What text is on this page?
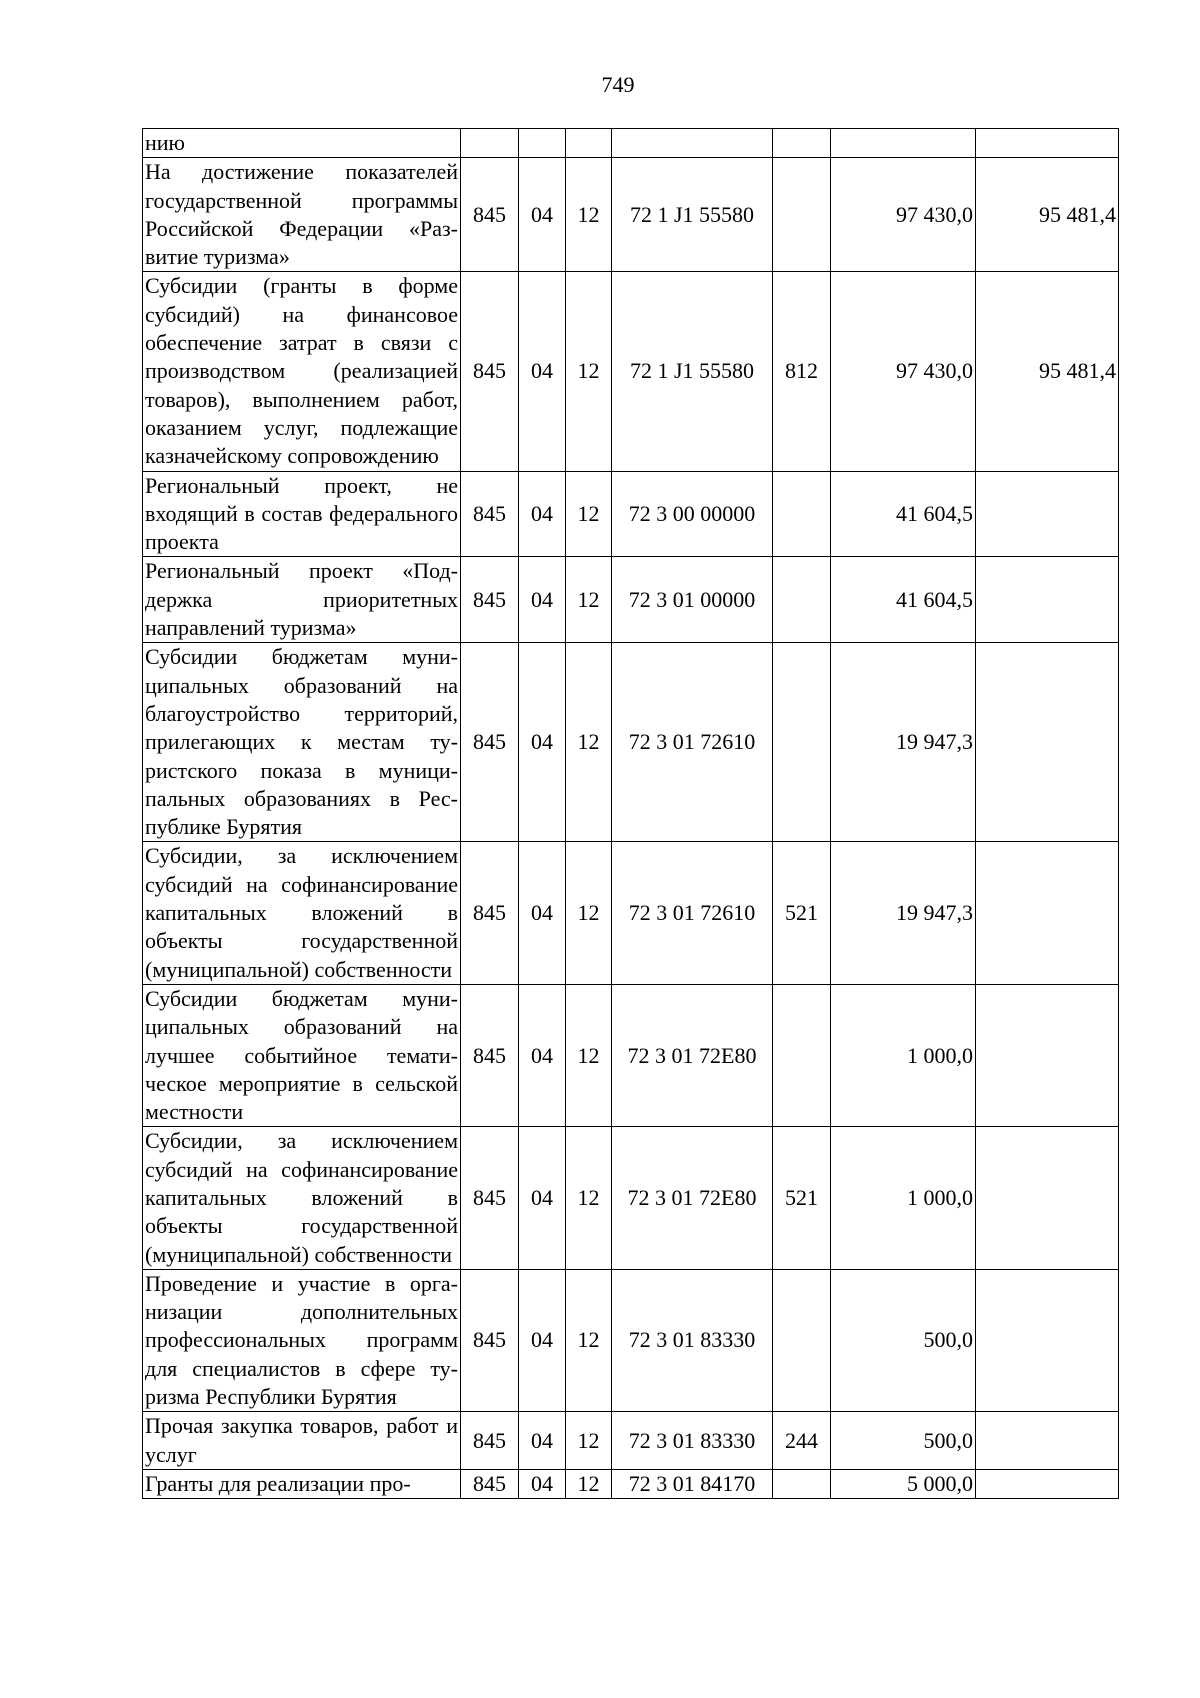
749
нию							
На достижение показателей государственной программы Российской Федерации «Развитие туризма»	845	04	12	72 1 J1 55580		97 430,0	95 481,4
Субсидии (гранты в форме субсидий) на финансовое обеспечение затрат в связи с производством (реализацией товаров), выполнением работ, оказанием услуг, подлежащие казначейскому сопровождению	845	04	12	72 1 J1 55580	812	97 430,0	95 481,4
Региональный проект, не входящий в состав федерального проекта	845	04	12	72 3 00 00000		41 604,5	
Региональный проект «Поддержка приоритетных направлений туризма»	845	04	12	72 3 01 00000		41 604,5	
Субсидии бюджетам муниципальных образований на благоустройство территорий, прилегающих к местам туристского показа в муниципальных образованиях в Республике Бурятия	845	04	12	72 3 01 72610		19 947,3	
Субсидии, за исключением субсидий на софинансирование капитальных вложений в объекты государственной (муниципальной) собственности	845	04	12	72 3 01 72610	521	19 947,3	
Субсидии бюджетам муниципальных образований на лучшее событийное тематическое мероприятие в сельской местности	845	04	12	72 3 01 72Е80		1 000,0	
Субсидии, за исключением субсидий на софинансирование капитальных вложений в объекты государственной (муниципальной) собственности	845	04	12	72 3 01 72Е80	521	1 000,0	
Проведение и участие в организации дополнительных профессиональных программ для специалистов в сфере туризма Республики Бурятия	845	04	12	72 3 01 83330		500,0	
Прочая закупка товаров, работ и услуг	845	04	12	72 3 01 83330	244	500,0	
Гранты для реализации про-	845	04	12	72 3 01 84170		5 000,0	
